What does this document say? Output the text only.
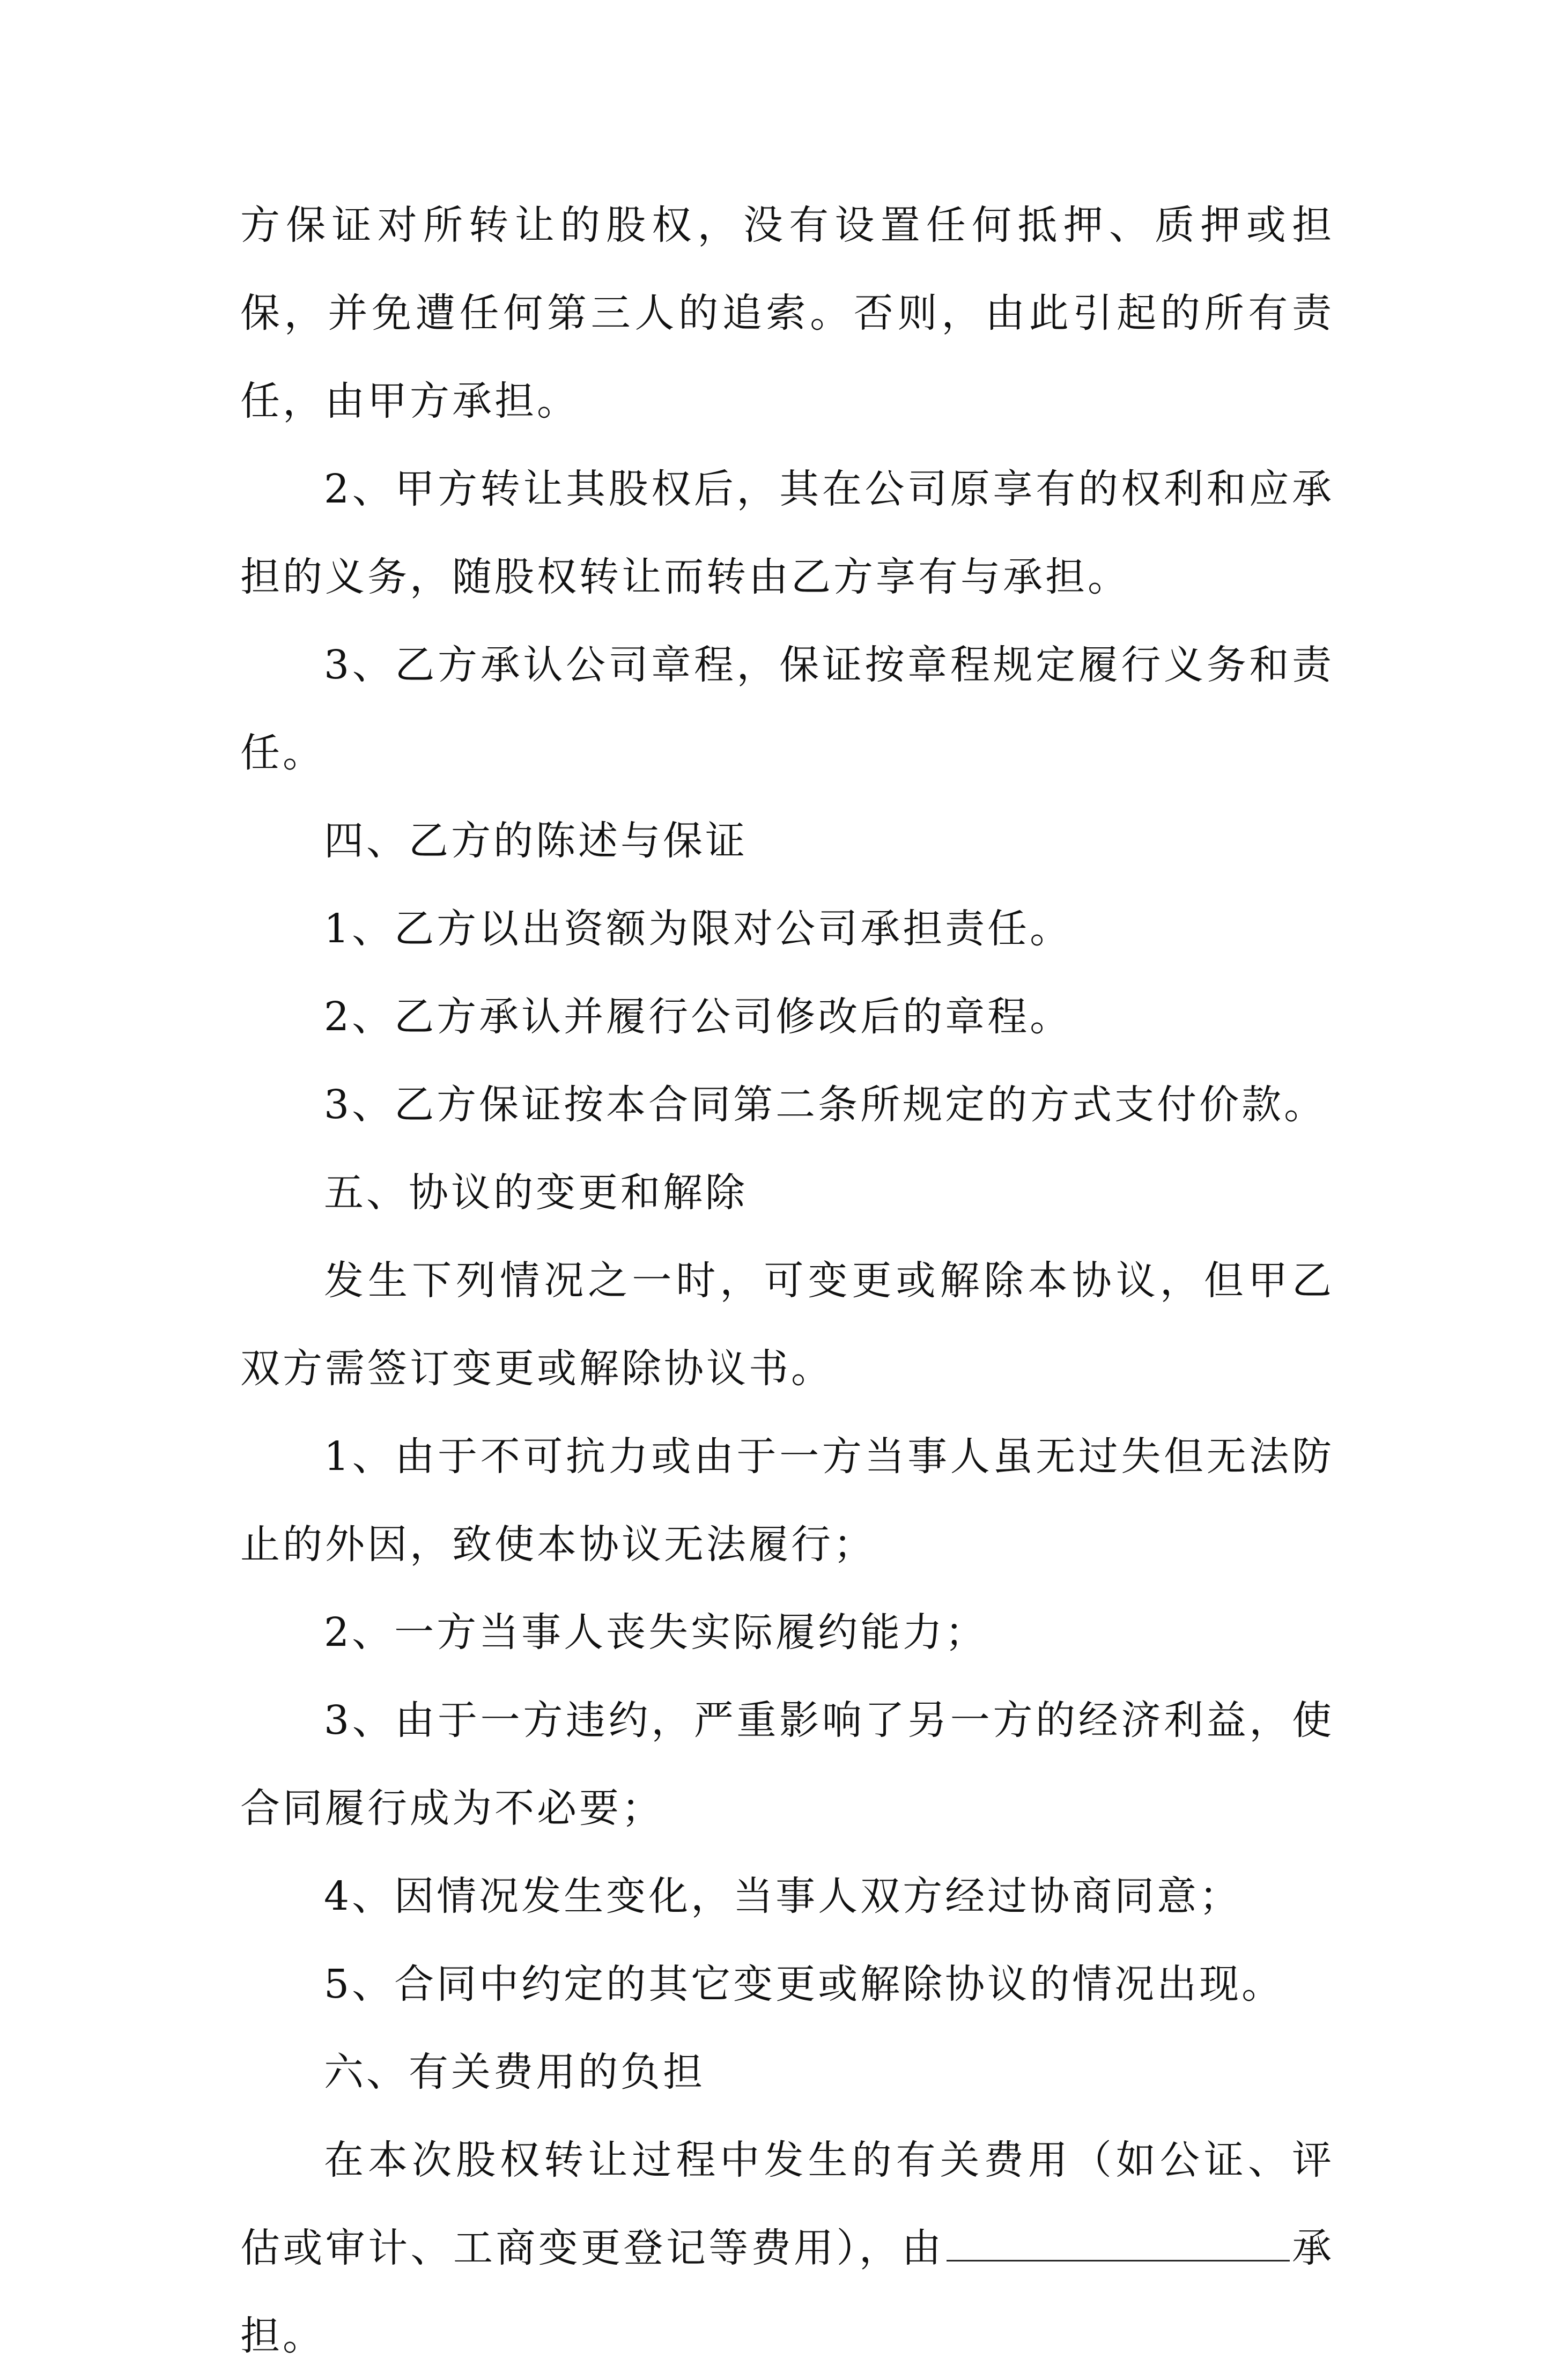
方保证对所转让的股权，没有设置任何抵押、质押或担保，并免遭任何第三人的追索。否则，由此引起的所有责任，由甲方承担。

2、甲方转让其股权后，其在公司原享有的权利和应承担的义务，随股权转让而转由乙方享有与承担。

3、乙方承认公司章程，保证按章程规定履行义务和责任。

四、乙方的陈述与保证

1、乙方以出资额为限对公司承担责任。

2、乙方承认并履行公司修改后的章程。

3、乙方保证按本合同第二条所规定的方式支付价款。

五、协议的变更和解除

发生下列情况之一时，可变更或解除本协议，但甲乙双方需签订变更或解除协议书。

1、由于不可抗力或由于一方当事人虽无过失但无法防止的外因，致使本协议无法履行；

2、一方当事人丧失实际履约能力；

3、由于一方违约，严重影响了另一方的经济利益，使合同履行成为不必要；

4、因情况发生变化，当事人双方经过协商同意；

5、合同中约定的其它变更或解除协议的情况出现。

六、有关费用的负担

在本次股权转让过程中发生的有关费用（如公证、评估或审计、工商变更登记等费用），由	承担。
